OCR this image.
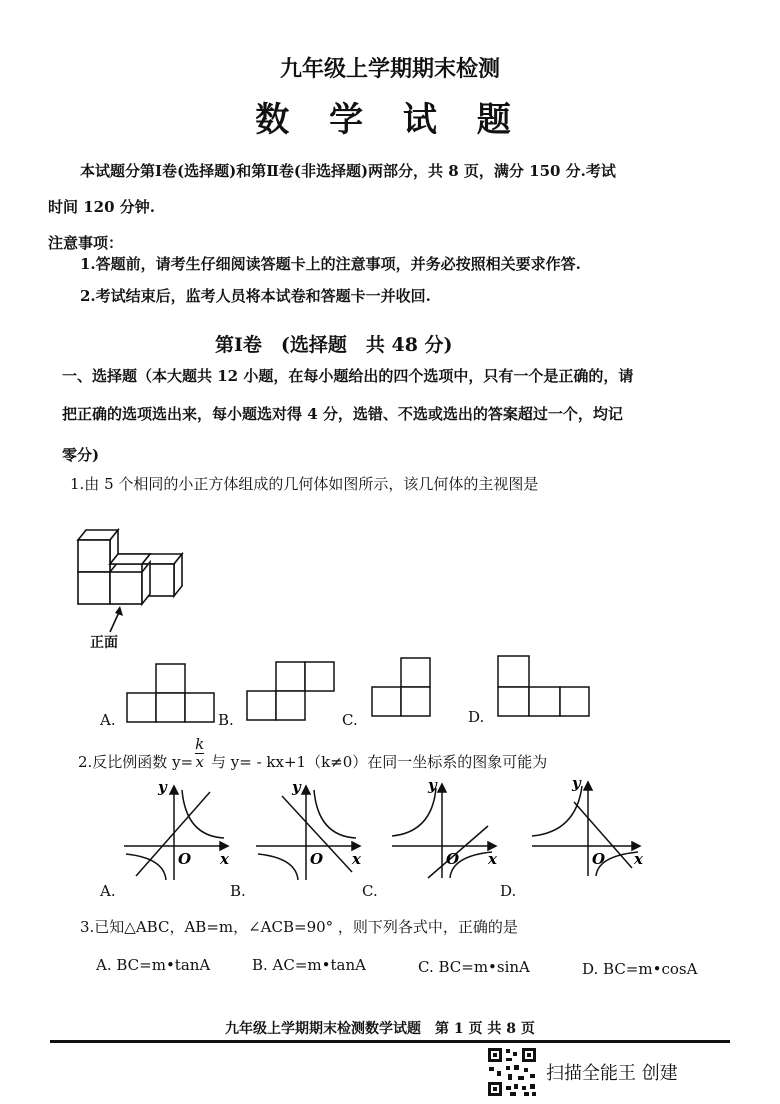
九年级上学期期末检测
数 学 试 题
本试题分第Ⅰ卷(选择题)和第Ⅱ卷(非选择题)两部分，共 8 页，满分 150 分.考试
时间 120 分钟.
注意事项：
1.答题前，请考生仔细阅读答题卡上的注意事项，并务必按照相关要求作答.
2.考试结束后，监考人员将本试卷和答题卡一并收回.
第Ⅰ卷　(选择题　共 48 分)
一、选择题（本大题共 12 小题，在每小题给出的四个选项中，只有一个是正确的，请
把正确的选项选出来，每小题选对得 4 分，选错、不选或选出的答案超过一个，均记
零分)
1.由 5 个相同的小正方体组成的几何体如图所示，该几何体的主视图是
正面
A.	B.	C.	D.
2.反比例函数 $y= \frac{k}{x}$ 与 y= - kx+1（k≠0）在同一坐标系的图象可能为
y
x
O
A.
y
x
O
B.
y
x
O
C.
y
x
O
D.
3.已知△ABC，AB=m，∠ACB=90° ，则下列各式中，正确的是
A. BC=m•tanA	B. AC=m•tanA	C. BC=m•sinA	D. BC=m•cosA
九年级上学期期末检测数学试题　第 1 页 共 8 页
扫描全能王 创建
